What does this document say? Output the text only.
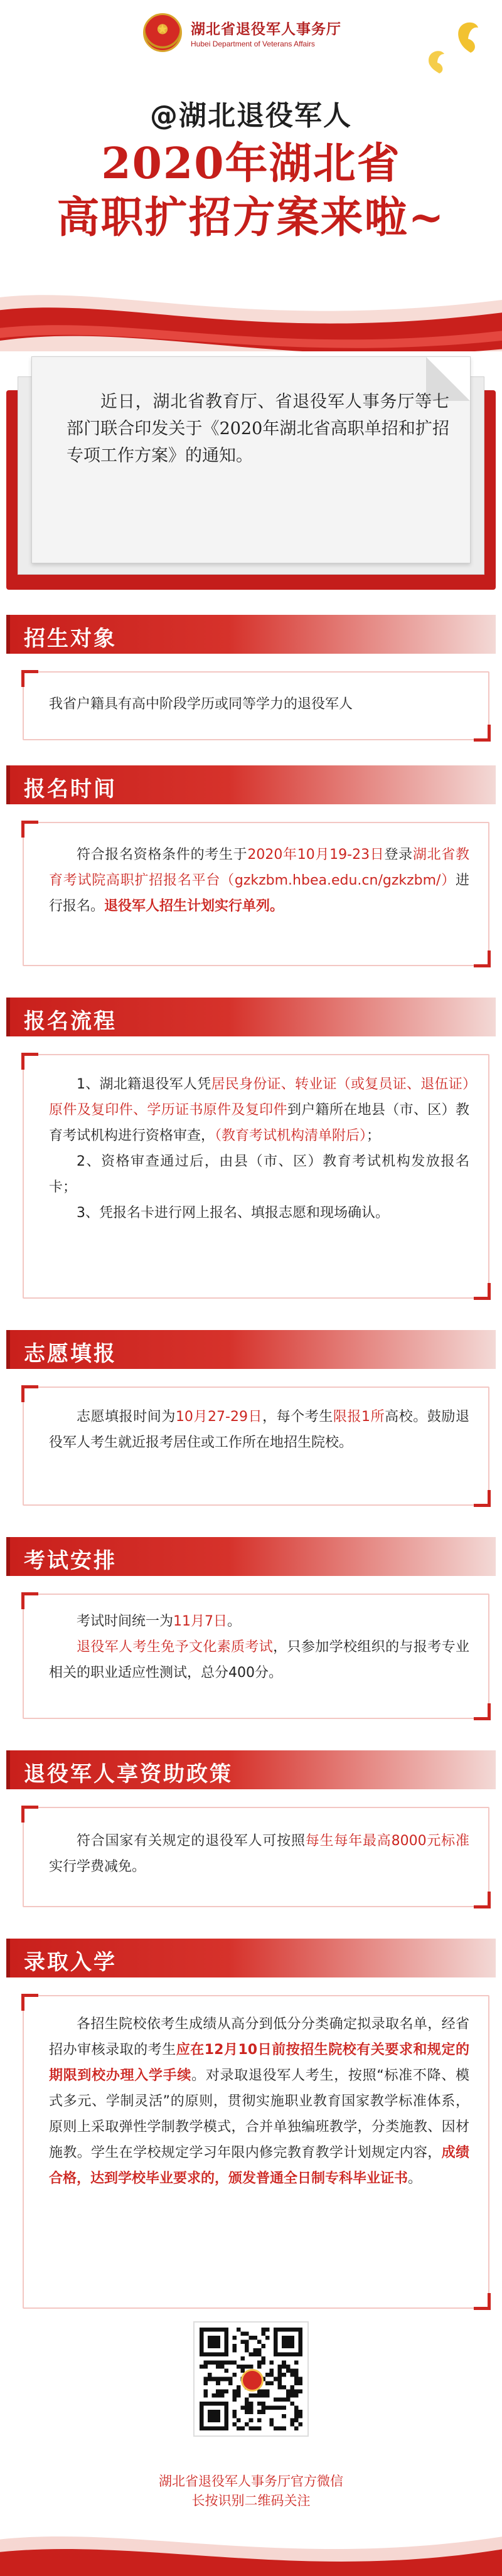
★
湖北省退役军人事务厅
Hubei Department of Veterans Affairs
@湖北退役军人
2020年湖北省
高职扩招方案来啦~
近日，湖北省教育厅、省退役军人事务厅等七部门联合印发关于《2020年湖北省高职单招和扩招专项工作方案》的通知。
招生对象

我省户籍具有高中阶段学历或同等学力的退役军人

报名时间

符合报名资格条件的考生于2020年10月19-23日登录湖北省教育考试院高职扩招报名平台（gzkzbm.hbea.edu.cn/gzkzbm/）进行报名。退役军人招生计划实行单列。

报名流程

1、湖北籍退役军人凭居民身份证、转业证（或复员证、退伍证）原件及复印件、学历证书原件及复印件到户籍所在地县（市、区）教育考试机构进行资格审查，（教育考试机构清单附后）；

2、资格审查通过后，由县（市、区）教育考试机构发放报名卡；

3、凭报名卡进行网上报名、填报志愿和现场确认。

志愿填报

志愿填报时间为10月27-29日，每个考生限报1所高校。鼓励退役军人考生就近报考居住或工作所在地招生院校。

考试安排

考试时间统一为11月7日。

退役军人考生免予文化素质考试，只参加学校组织的与报考专业相关的职业适应性测试，总分400分。

退役军人享资助政策

符合国家有关规定的退役军人可按照每生每年最高8000元标准实行学费减免。

录取入学

各招生院校依考生成绩从高分到低分分类确定拟录取名单，经省招办审核录取的考生应在12月10日前按招生院校有关要求和规定的期限到校办理入学手续。对录取退役军人考生，按照“标准不降、模式多元、学制灵活”的原则，贯彻实施职业教育国家教学标准体系，原则上采取弹性学制教学模式，合并单独编班教学，分类施教、因材施教。学生在学校规定学习年限内修完教育教学计划规定内容，成绩合格，达到学校毕业要求的，颁发普通全日制专科毕业证书。

湖北省退役军人事务厅官方微信
长按识别二维码关注
